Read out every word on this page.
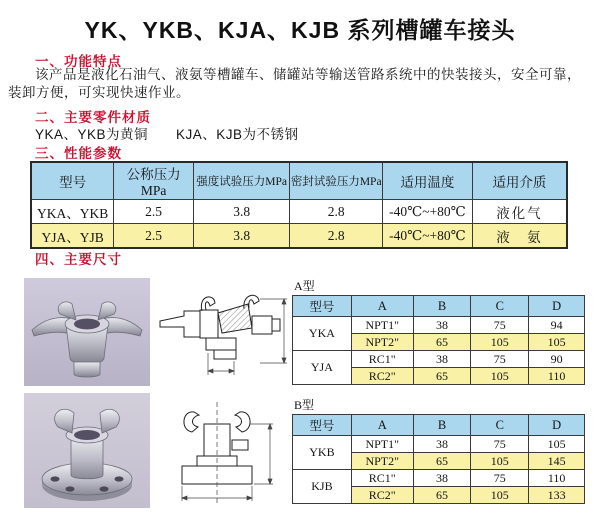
YK、YKB、KJA、KJB 系列槽罐车接头
一、功能特点
该产品是液化石油气、液氨等槽罐车、储罐站等输送管路系统中的快装接头，安全可靠，装卸方便，可实现快速作业。
二、主要零件材质
YKA、YKB为黄铜　　KJA、KJB为不锈钢
三、性能参数
型号	公称压力 MPa	强度试验压力MPa	密封试验压力MPa	适用温度	适用介质
YKA、YKB	2.5	3.8	2.8	-40℃~+80℃	液化气
YJA、YJB	2.5	3.8	2.8	-40℃~+80℃	液　氨
四、主要尺寸
A型
型号	A	B	C	D
YKA	NPT1"	38	75	94
	NPT2"	65	105	105
YJA	RC1"	38	75	90
	RC2"	65	105	110
B型
型号	A	B	C	D
YKB	NPT1"	38	75	105
	NPT2"	65	105	145
KJB	RC1"	38	75	110
	RC2"	65	105	133
